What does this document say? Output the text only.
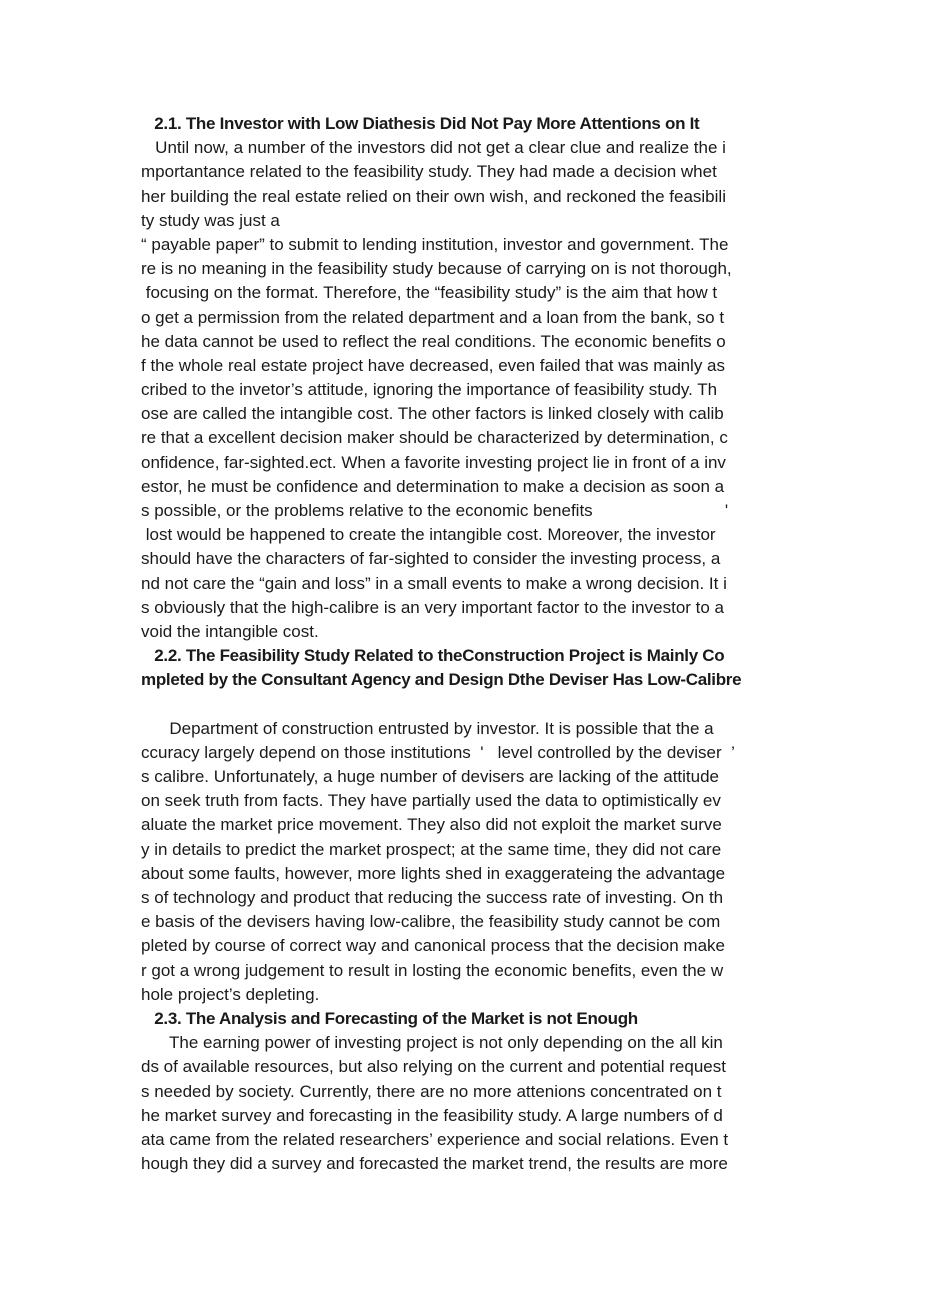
2.1. The Investor with Low Diathesis Did Not Pay More Attentions on It
Until now, a number of the investors did not get a clear clue and realize the i
mportantance related to the feasibility study. They had made a decision whet
her building the real estate relied on their own wish, and reckoned the feasibili
ty study was just a
“ payable paper” to submit to lending institution, investor and government. The
re is no meaning in the feasibility study because of carrying on is not thorough,
focusing on the format. Therefore, the “feasibility study” is the aim that how t
o get a permission from the related department and a loan from the bank, so t
he data cannot be used to reflect the real conditions. The economic benefits o
f the whole real estate project have decreased, even failed that was mainly as
cribed to the invetor’s attitude, ignoring the importance of feasibility study. Th
ose are called the intangible cost. The other factors is linked closely with calib
re that a excellent decision maker should be characterized by determination, c
onfidence, far-sighted.ect. When a favorite investing project lie in front of a inv
estor, he must be confidence and determination to make a decision as soon a
s possible, or the problems relative to the economic benefits                            '
lost would be happened to create the intangible cost. Moreover, the investor
should have the characters of far-sighted to consider the investing process, a
nd not care the “gain and loss” in a small events to make a wrong decision. It i
s obviously that the high-calibre is an very important factor to the investor to a
void the intangible cost.
2.2. The Feasibility Study Related to theConstruction Project is Mainly Co
mpleted by the Consultant Agency and Design Dthe Deviser Has Low-Calibre
Department of construction entrusted by investor. It is possible that the a
ccuracy largely depend on those institutions  '   level controlled by the deviser  ’
s calibre. Unfortunately, a huge number of devisers are lacking of the attitude
on seek truth from facts. They have partially used the data to optimistically ev
aluate the market price movement. They also did not exploit the market surve
y in details to predict the market prospect; at the same time, they did not care
about some faults, however, more lights shed in exaggerateing the advantage
s of technology and product that reducing the success rate of investing. On th
e basis of the devisers having low-calibre, the feasibility study cannot be com
pleted by course of correct way and canonical process that the decision make
r got a wrong judgement to result in losting the economic benefits, even the w
hole project’s depleting.
2.3. The Analysis and Forecasting of the Market is not Enough
The earning power of investing project is not only depending on the all kin
ds of available resources, but also relying on the current and potential request
s needed by society. Currently, there are no more attenions concentrated on t
he market survey and forecasting in the feasibility study. A large numbers of d
ata came from the related researchers’ experience and social relations. Even t
hough they did a survey and forecasted the market trend, the results are more
